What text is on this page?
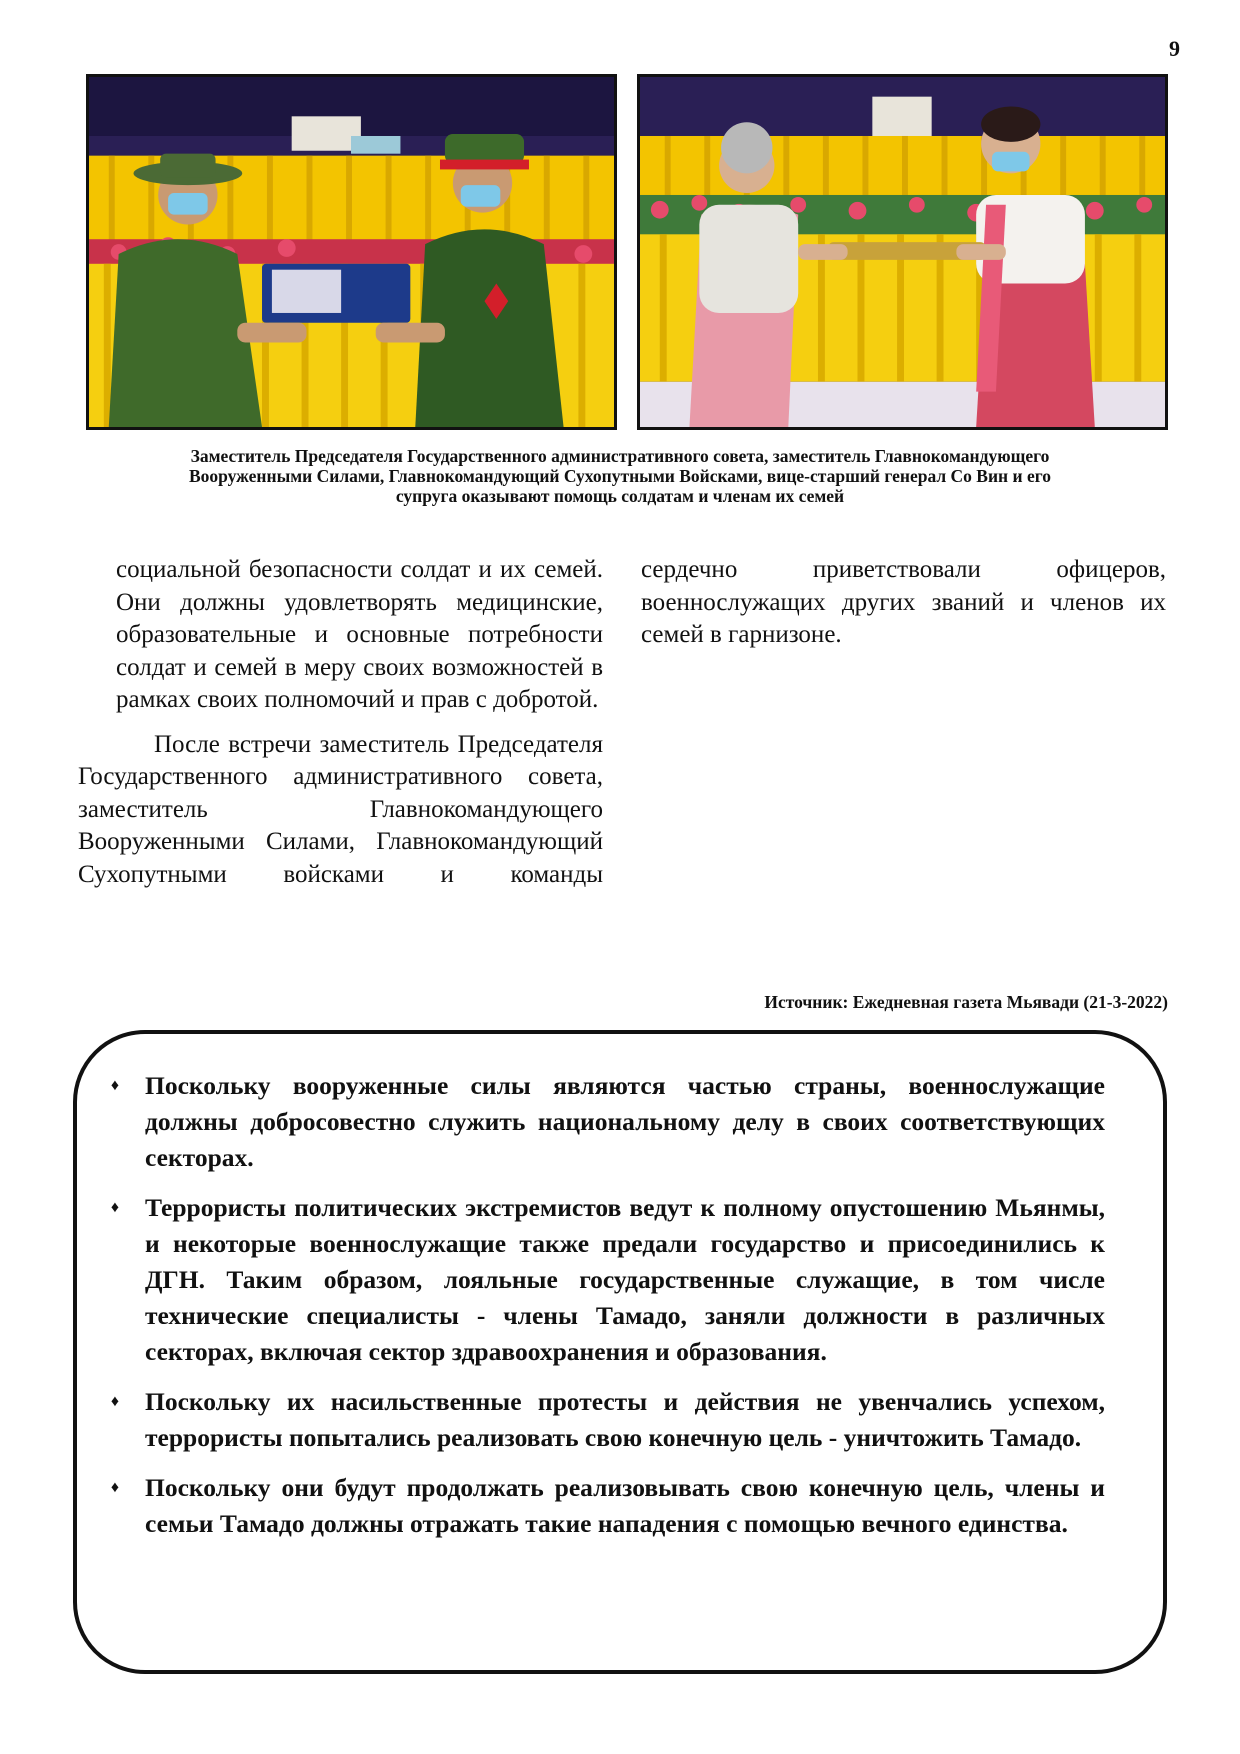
9
Заместитель Председателя Государственного административного совета, заместитель Главнокомандующего
Вооруженными Силами, Главнокомандующий Сухопутными Войсками, вице-старший генерал Со Вин и его
супруга оказывают помощь солдатам и членам их семей

социальной безопасности солдат и их семей. Они должны удовлетворять медицинские, образовательные и основные потребности солдат и семей в меру своих возможностей в рамках своих полномочий и прав с добротой.

После встречи заместитель Председателя Государственного административного совета, заместитель Главнокомандующего Вооруженными Силами, Главнокомандующий Сухопутными войсками и команды

сердечно приветствовали офицеров, военнослужащих других званий и членов их семей в гарнизоне.

Источник: Ежедневная газета Мьявади (21-3-2022)
♦ Поскольку вооруженные силы являются частью страны, военнослужащие должны добросовестно служить национальному делу в своих соответствующих секторах.
♦ Террористы политических экстремистов ведут к полному опустошению Мьянмы, и некоторые военнослужащие также предали государство и присоединились к ДГН. Таким образом, лояльные государственные служащие, в том числе технические специалисты - члены Тамадо, заняли должности в различных секторах, включая сектор здравоохранения и образования.
♦ Поскольку их насильственные протесты и действия не увенчались успехом, террористы попытались реализовать свою конечную цель - уничтожить Тамадо.
♦ Поскольку они будут продолжать реализовывать свою конечную цель, члены и семьи Тамадо должны отражать такие нападения с помощью вечного единства.
